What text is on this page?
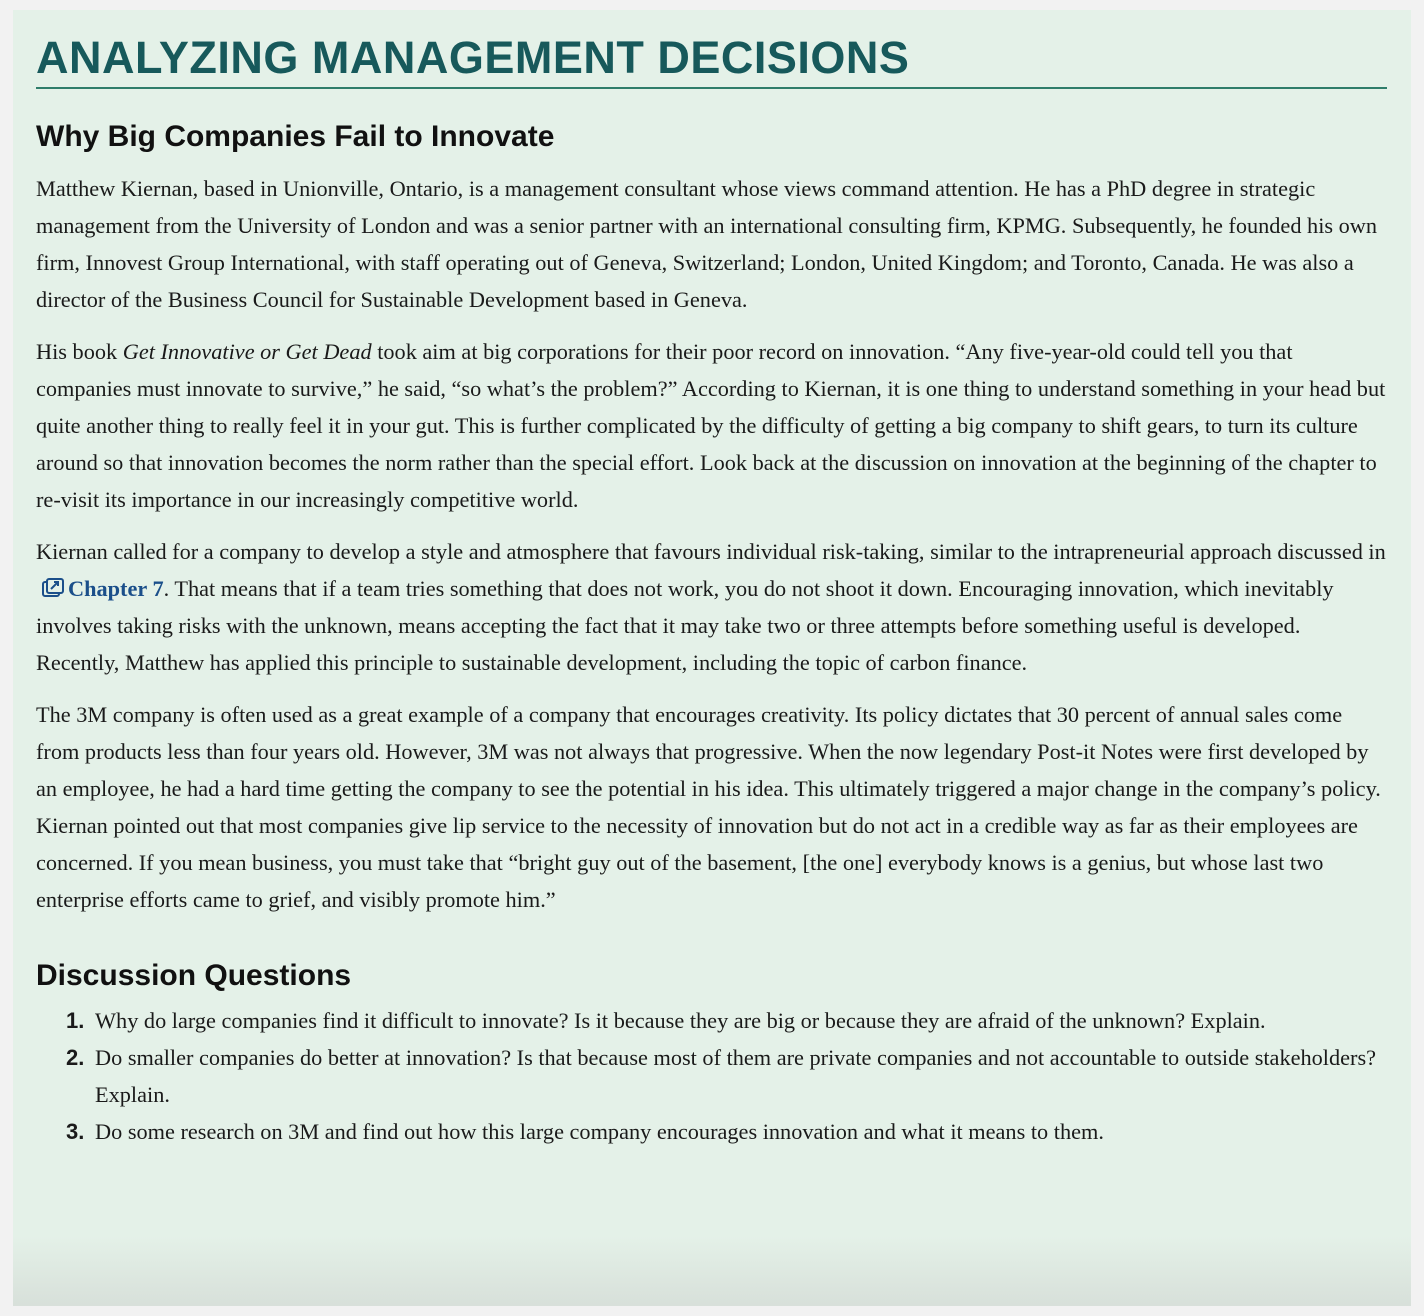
ANALYZING MANAGEMENT DECISIONS
Why Big Companies Fail to Innovate

Matthew Kiernan, based in Unionville, Ontario, is a management consultant whose views command attention. He has a PhD degree in strategic management from the University of London and was a senior partner with an international consulting firm, KPMG. Subsequently, he founded his own firm, Innovest Group International, with staff operating out of Geneva, Switzerland; London, United Kingdom; and Toronto, Canada. He was also a director of the Business Council for Sustainable Development based in Geneva.

His book Get Innovative or Get Dead took aim at big corporations for their poor record on innovation. “Any five-year-old could tell you that companies must innovate to survive,” he said, “so what’s the problem?” According to Kiernan, it is one thing to understand something in your head but quite another thing to really feel it in your gut. This is further complicated by the difficulty of getting a big company to shift gears, to turn its culture around so that innovation becomes the norm rather than the special effort. Look back at the discussion on innovation at the beginning of the chapter to re-visit its importance in our increasingly competitive world.

Kiernan called for a company to develop a style and atmosphere that favours individual risk-taking, similar to the intrapreneurial approach discussed inChapter 7. That means that if a team tries something that does not work, you do not shoot it down. Encouraging innovation, which inevitably involves taking risks with the unknown, means accepting the fact that it may take two or three attempts before something useful is developed. Recently, Matthew has applied this principle to sustainable development, including the topic of carbon finance.

The 3M company is often used as a great example of a company that encourages creativity. Its policy dictates that 30 percent of annual sales come from products less than four years old. However, 3M was not always that progressive. When the now legendary Post-it Notes were first developed by an employee, he had a hard time getting the company to see the potential in his idea. This ultimately triggered a major change in the company’s policy. Kiernan pointed out that most companies give lip service to the necessity of innovation but do not act in a credible way as far as their employees are concerned. If you mean business, you must take that “bright guy out of the basement, [the one] everybody knows is a genius, but whose last two enterprise efforts came to grief, and visibly promote him.”

Discussion Questions
1. Why do large companies find it difficult to innovate? Is it because they are big or because they are afraid of the unknown? Explain.
2. Do smaller companies do better at innovation? Is that because most of them are private companies and not accountable to outside stakeholders? Explain.
3. Do some research on 3M and find out how this large company encourages innovation and what it means to them.
